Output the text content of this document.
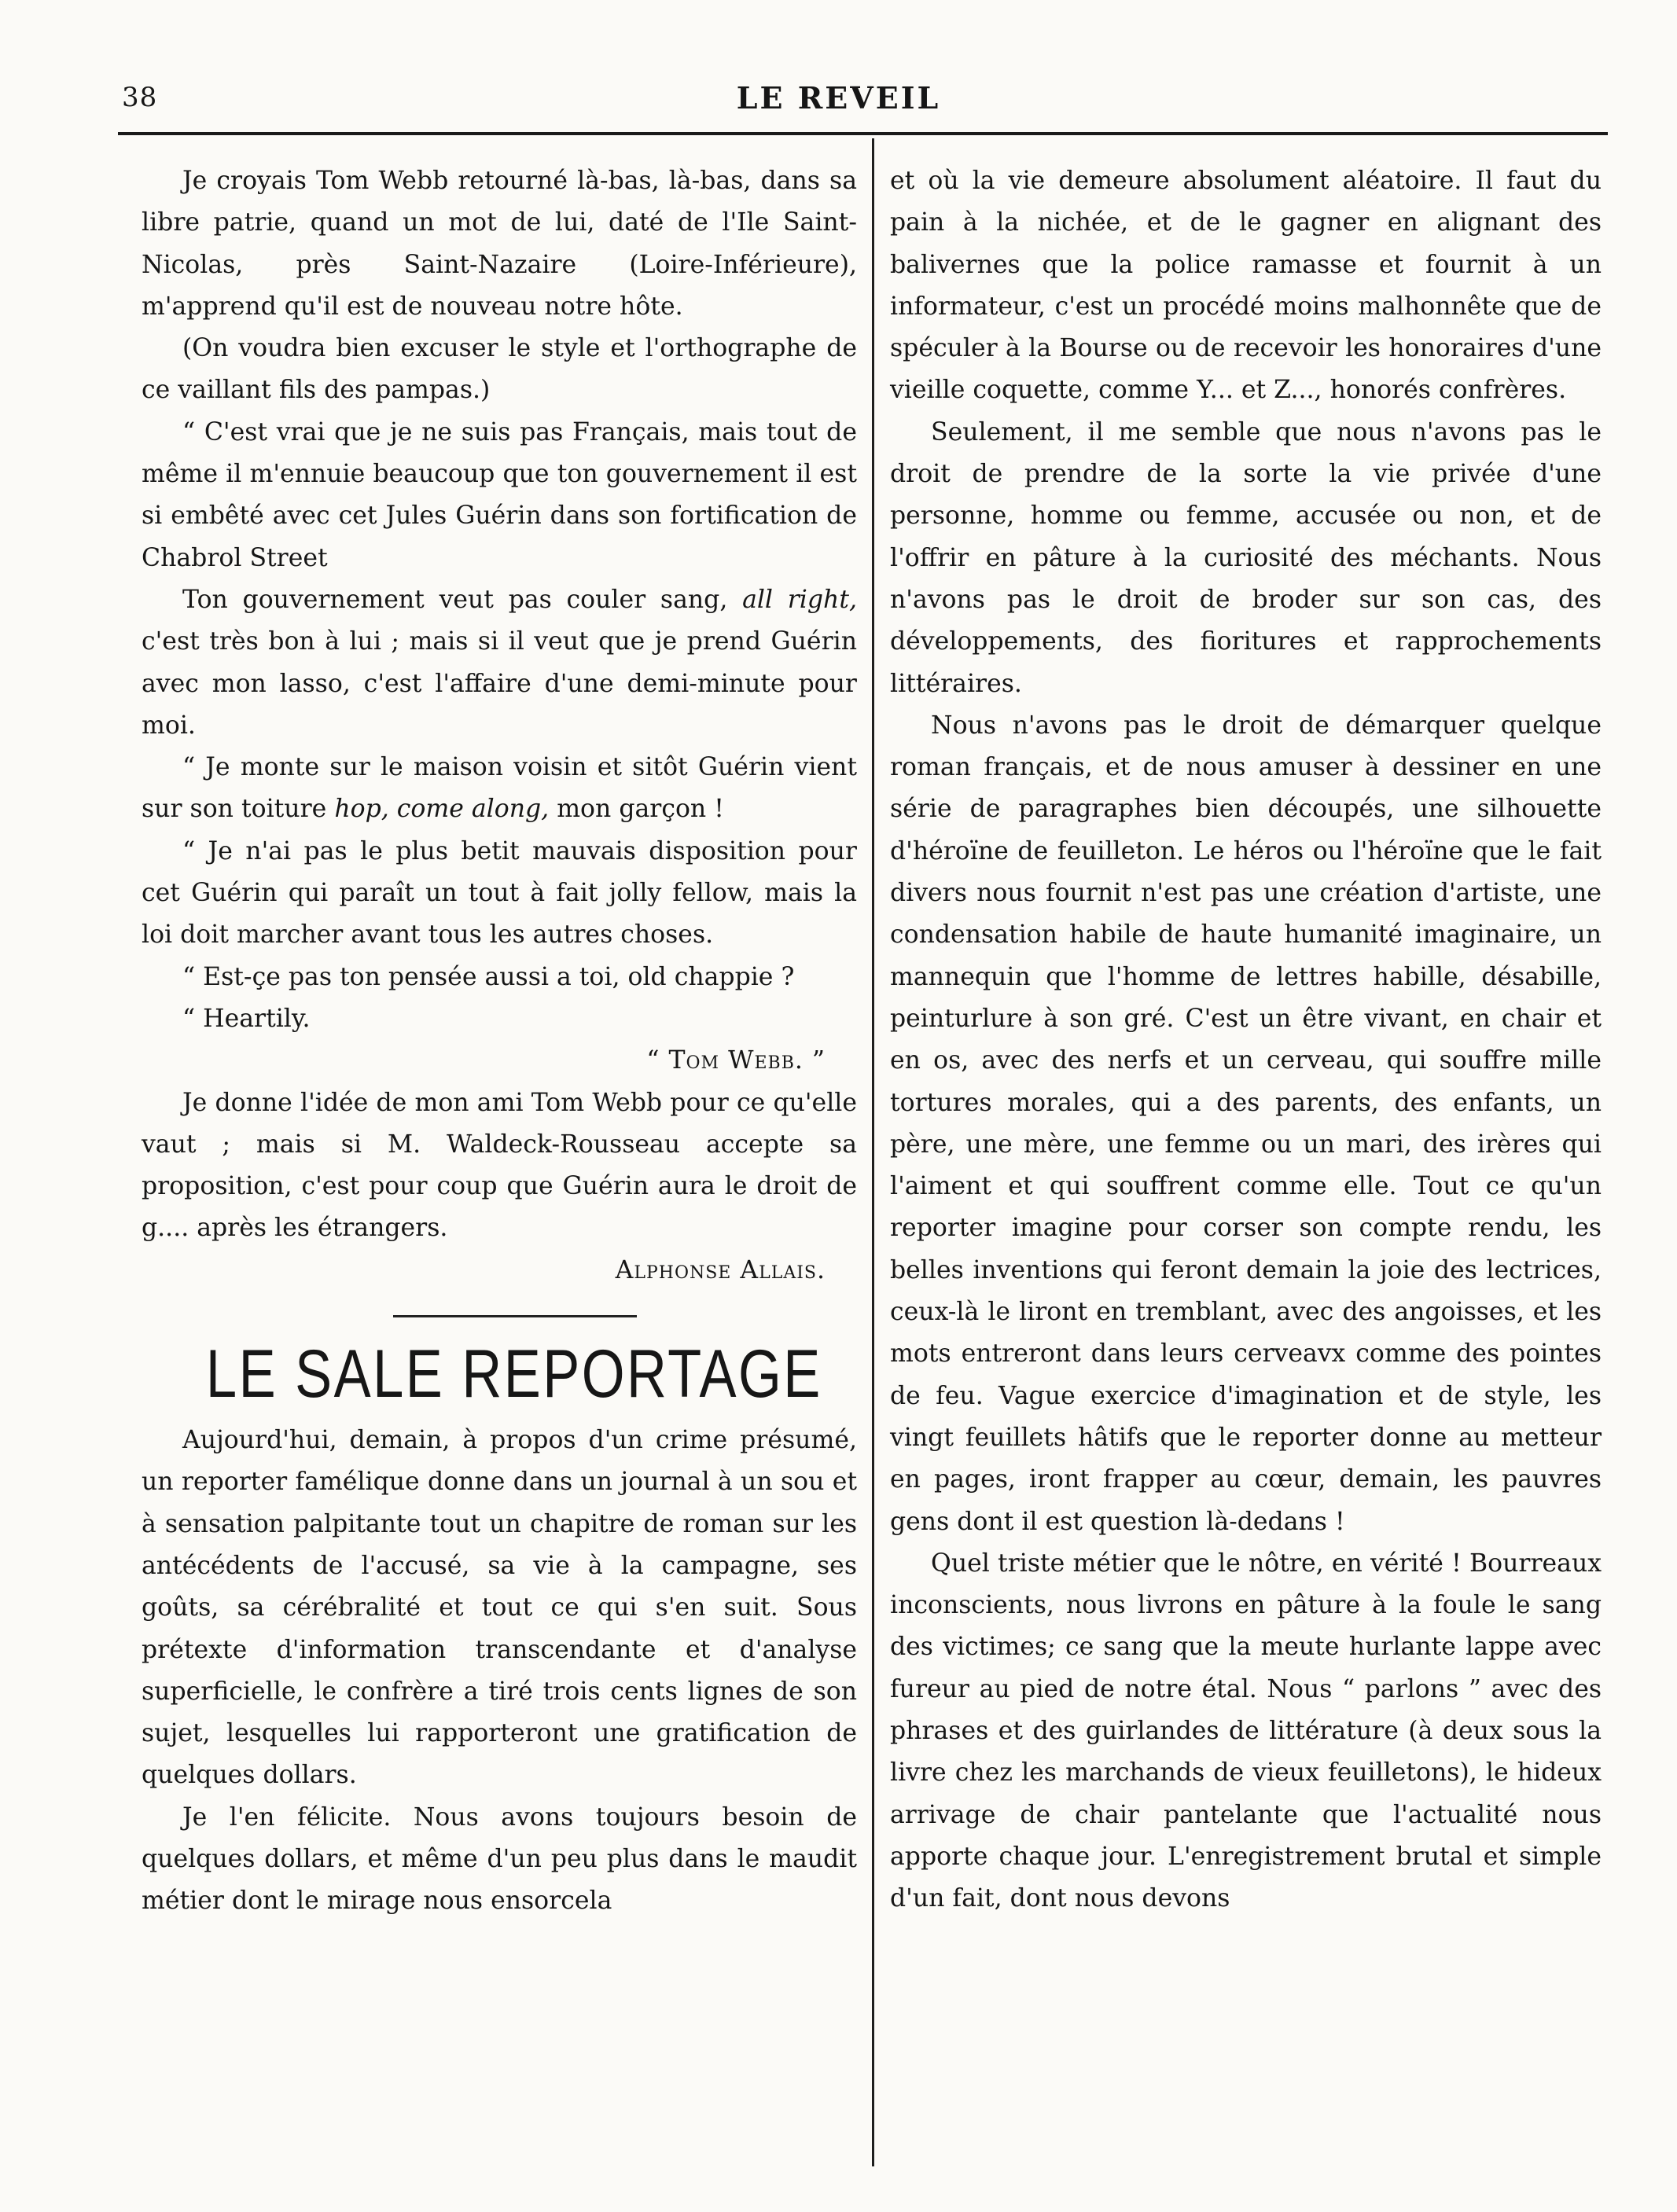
38	LE REVEIL

Je croyais Tom Webb retourné là-bas, là-bas, dans sa libre patrie, quand un mot de lui, daté de l'Ile Saint-Nicolas, près Saint-Nazaire (Loire-Inférieure), m'apprend qu'il est de nouveau notre hôte.

(On voudra bien excuser le style et l'orthographe de ce vaillant fils des pampas.)

“ C'est vrai que je ne suis pas Français, mais tout de même il m'ennuie beaucoup que ton gouvernement il est si embêté avec cet Jules Guérin dans son fortification de Chabrol Street

Ton gouvernement veut pas couler sang, all right, c'est très bon à lui ; mais si il veut que je prend Guérin avec mon lasso, c'est l'affaire d'une demi-minute pour moi.

“ Je monte sur le maison voisin et sitôt Guérin vient sur son toiture hop, come along, mon garçon !

“ Je n'ai pas le plus betit mauvais disposition pour cet Guérin qui paraît un tout à fait jolly fellow, mais la loi doit marcher avant tous les autres choses.

“ Est-çe pas ton pensée aussi a toi, old chappie ?

“ Heartily.

“ Tom Webb. ”

Je donne l'idée de mon ami Tom Webb pour ce qu'elle vaut ; mais si M. Waldeck-Rousseau accepte sa proposition, c'est pour coup que Guérin aura le droit de g.... après les étrangers.

Alphonse Allais.

LE SALE REPORTAGE

Aujourd'hui, demain, à propos d'un crime présumé, un reporter famélique donne dans un journal à un sou et à sensation palpitante tout un chapitre de roman sur les antécédents de l'accusé, sa vie à la campagne, ses goûts, sa cérébralité et tout ce qui s'en suit. Sous prétexte d'information transcendante et d'analyse superficielle, le confrère a tiré trois cents lignes de son sujet, lesquelles lui rapporteront une gratification de quelques dollars.

Je l'en félicite. Nous avons toujours besoin de quelques dollars, et même d'un peu plus dans le maudit métier dont le mirage nous ensorcela

et où la vie demeure absolument aléatoire. Il faut du pain à la nichée, et de le gagner en alignant des balivernes que la police ramasse et fournit à un informateur, c'est un procédé moins malhonnête que de spéculer à la Bourse ou de recevoir les honoraires d'une vieille coquette, comme Y... et Z..., honorés confrères.

Seulement, il me semble que nous n'avons pas le droit de prendre de la sorte la vie privée d'une personne, homme ou femme, accusée ou non, et de l'offrir en pâture à la curiosité des méchants. Nous n'avons pas le droit de broder sur son cas, des développements, des fioritures et rapprochements littéraires.

Nous n'avons pas le droit de démarquer quelque roman français, et de nous amuser à dessiner en une série de paragraphes bien découpés, une silhouette d'héroïne de feuilleton. Le héros ou l'héroïne que le fait divers nous fournit n'est pas une création d'artiste, une condensation habile de haute humanité imaginaire, un mannequin que l'homme de lettres habille, désabille, peinturlure à son gré. C'est un être vivant, en chair et en os, avec des nerfs et un cerveau, qui souffre mille tortures morales, qui a des parents, des enfants, un père, une mère, une femme ou un mari, des irères qui l'aiment et qui souffrent comme elle. Tout ce qu'un reporter imagine pour corser son compte rendu, les belles inventions qui feront demain la joie des lectrices, ceux-là le liront en tremblant, avec des angoisses, et les mots entreront dans leurs cerveavx comme des pointes de feu. Vague exercice d'imagination et de style, les vingt feuillets hâtifs que le reporter donne au metteur en pages, iront frapper au cœur, demain, les pauvres gens dont il est question là-dedans !

Quel triste métier que le nôtre, en vérité ! Bourreaux inconscients, nous livrons en pâture à la foule le sang des victimes; ce sang que la meute hurlante lappe avec fureur au pied de notre étal. Nous “ parlons ” avec des phrases et des guirlandes de littérature (à deux sous la livre chez les marchands de vieux feuilletons), le hideux arrivage de chair pantelante que l'actualité nous apporte chaque jour. L'enregistrement brutal et simple d'un fait, dont nous devons
